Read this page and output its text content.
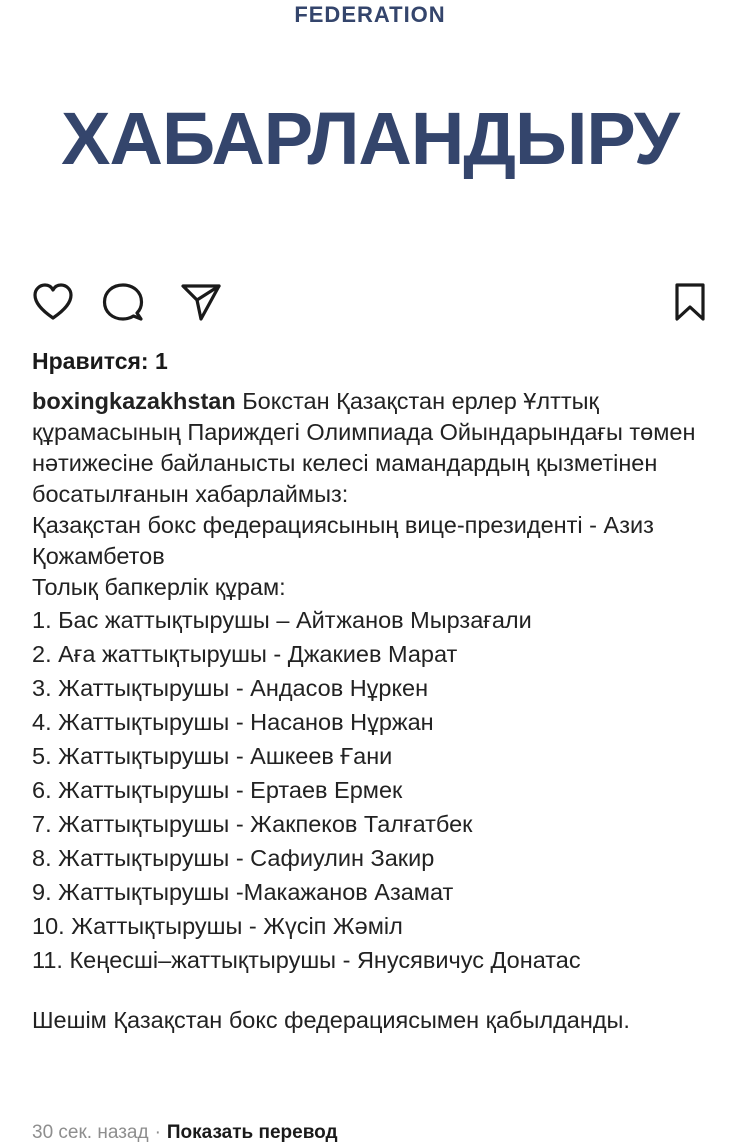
FEDERATION
ХАБАРЛАНДЫРУ
Нравится: 1

boxingkazakhstan Бокстан Қазақстан ерлер Ұлттық құрамасының Париждегі Олимпиада Ойындарындағы төмен нәтижесіне байланысты келесі мамандардың қызметінен босатылғанын хабарлаймыз:

Қазақстан бокс федерациясының вице-президенті - Азиз Қожамбетов

Толық бапкерлік құрам:

1. Бас жаттықтырушы – Айтжанов Мырзағали
2. Аға жаттықтырушы - Джакиев Марат
3. Жаттықтырушы - Андасов Нұркен
4. Жаттықтырушы - Насанов Нұржан
5. Жаттықтырушы - Ашкеев Ғани
6. Жаттықтырушы - Ертаев Ермек
7. Жаттықтырушы - Жакпеков Талғатбек
8. Жаттықтырушы - Сафиулин Закир
9. Жаттықтырушы -Макажанов Азамат
10. Жаттықтырушы - Жүсіп Жәміл
11. Кеңесші–жаттықтырушы - Янусявичус Донатас

Шешім Қазақстан бокс федерациясымен қабылданды.

30 сек. назад · Показать перевод
